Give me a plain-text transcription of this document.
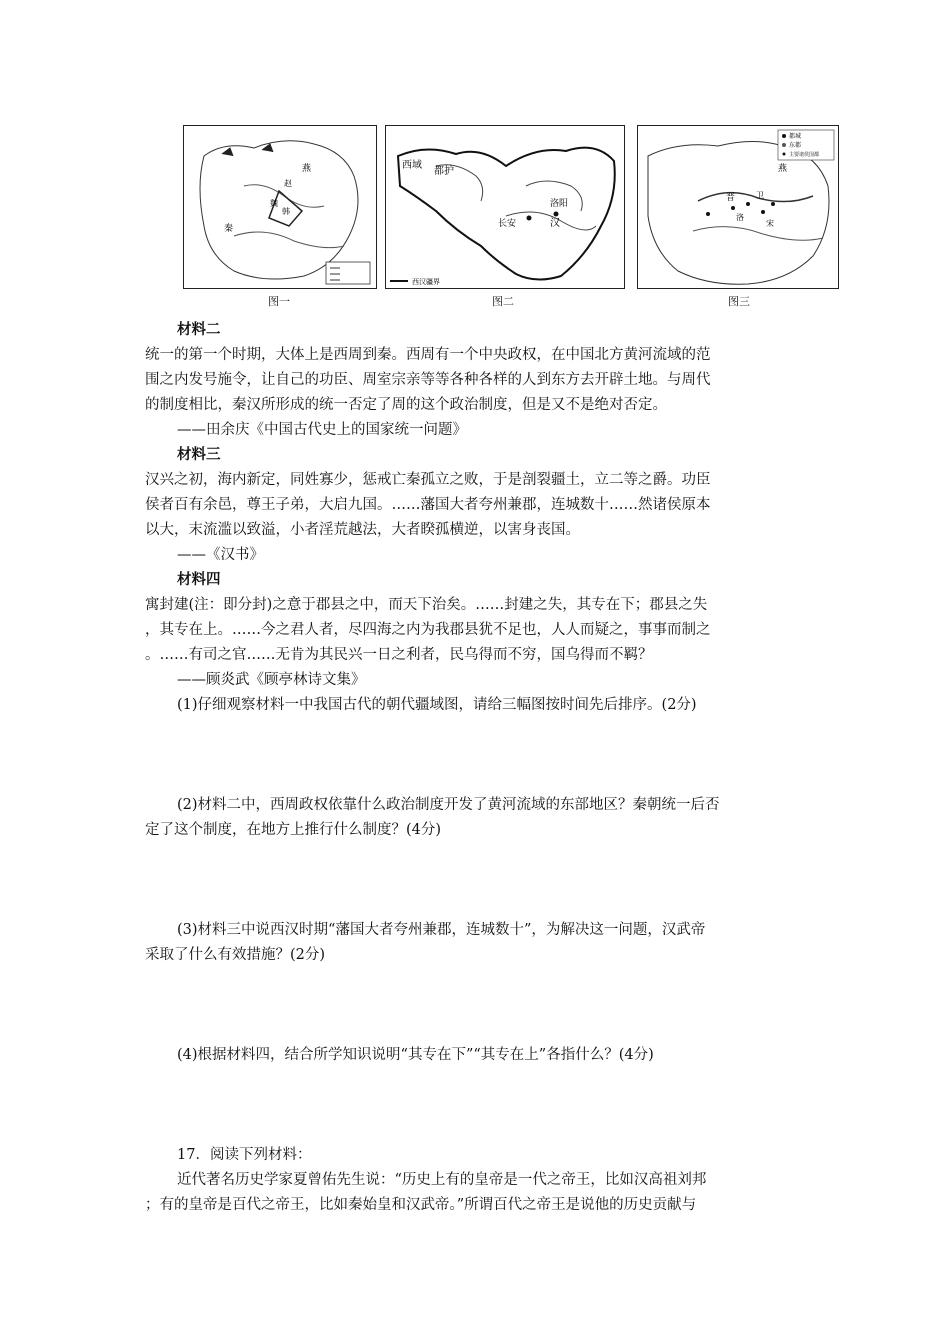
秦
燕
韩
赵
魏
图一
西域
都护
长安
洛阳
汉
西汉疆界
图二
都城
东都
主要诸侯国都
燕
晋
洛
宋
卫
图三
材料二
统一的第一个时期，大体上是西周到秦。西周有一个中央政权，在中国北方黄河流域的范
围之内发号施令，让自己的功臣、周室宗亲等等各种各样的人到东方去开辟土地。与周代
的制度相比，秦汉所形成的统一否定了周的这个政治制度，但是又不是绝对否定。
——田余庆《中国古代史上的国家统一问题》
材料三
汉兴之初，海内新定，同姓寡少，惩戒亡秦孤立之败，于是剖裂疆土，立二等之爵。功臣
侯者百有余邑，尊王子弟，大启九国。……藩国大者夸州兼郡，连城数十……然诸侯原本
以大，末流滥以致溢，小者淫荒越法，大者睽孤横逆，以害身丧国。
——《汉书》
材料四
寓封建(注：即分封)之意于郡县之中，而天下治矣。……封建之失，其专在下；郡县之失
，其专在上。……今之君人者，尽四海之内为我郡县犹不足也，人人而疑之，事事而制之
。……有司之官……无肯为其民兴一日之利者，民乌得而不穷，国乌得而不羁？
——顾炎武《顾亭林诗文集》
(1)仔细观察材料一中我国古代的朝代疆域图，请给三幅图按时间先后排序。(2分)
(2)材料二中，西周政权依靠什么政治制度开发了黄河流域的东部地区？秦朝统一后否
定了这个制度，在地方上推行什么制度？(4分)
(3)材料三中说西汉时期“藩国大者夸州兼郡，连城数十”，为解决这一问题，汉武帝
采取了什么有效措施？(2分)
(4)根据材料四，结合所学知识说明“其专在下”“其专在上”各指什么？(4分)
17．阅读下列材料：
近代著名历史学家夏曾佑先生说：“历史上有的皇帝是一代之帝王，比如汉高祖刘邦
；有的皇帝是百代之帝王，比如秦始皇和汉武帝。”所谓百代之帝王是说他的历史贡献与
